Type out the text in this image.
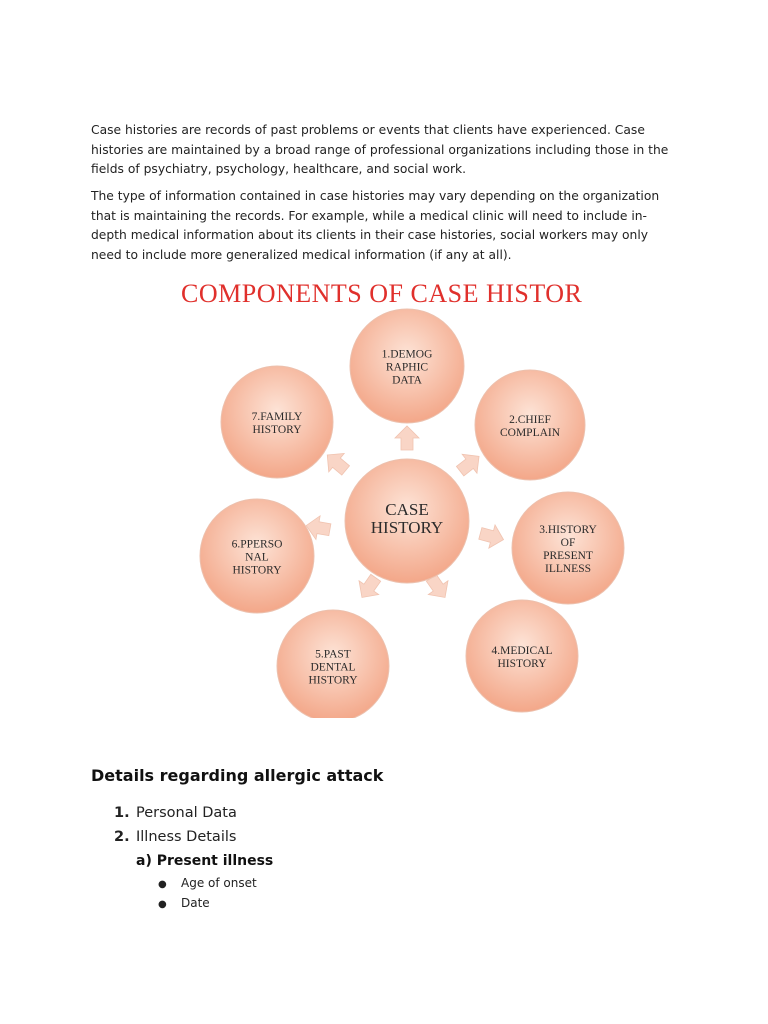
Case histories are records of past problems or events that clients have experienced. Case histories are maintained by a broad range of professional organizations including those in the fields of psychiatry, psychology, healthcare, and social work.

The type of information contained in case histories may vary depending on the organization that is maintaining the records. For example, while a medical clinic will need to include in-depth medical information about its clients in their case histories, social workers may only need to include more generalized medical information (if any at all).

COMPONENTS OF CASE HISTOR
1.DEMOG
RAPHIC
DATA
2.CHIEF
COMPLAIN
3.HISTORY
OF
PRESENT
ILLNESS
4.MEDICAL
HISTORY
5.PAST
DENTAL
HISTORY
6.PPERSO
NAL
HISTORY
7.FAMILY
HISTORY
CASE
HISTORY
Details regarding allergic attack
1. Personal Data
2. Illness Details
a) Present illness
● Age of onset
● Date
